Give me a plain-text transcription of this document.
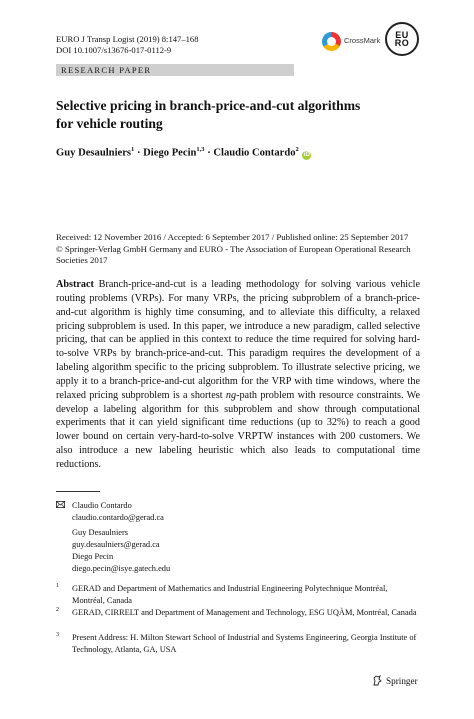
EURO J Transp Logist (2019) 8:147–168
DOI 10.1007/s13676-017-0112-9
CrossMark
EURO
RESEARCH PAPER
Selective pricing in branch-price-and-cut algorithms
for vehicle routing
Guy Desaulniers$^1$ · Diego Pecin$^{1,3}$ · Claudio Contardo$^2$ iD
Received: 12 November 2016 / Accepted: 6 September 2017 / Published online: 25 September 2017
© Springer-Verlag GmbH Germany and EURO - The Association of European Operational Research Societies 2017
Abstract Branch-price-and-cut is a leading methodology for solving various vehicle routing problems (VRPs). For many VRPs, the pricing subproblem of a branch-price-and-cut algorithm is highly time consuming, and to alleviate this difficulty, a relaxed pricing subproblem is used. In this paper, we introduce a new paradigm, called selective pricing, that can be applied in this context to reduce the time required for solving hard-to-solve VRPs by branch-price-and-cut. This paradigm requires the development of a labeling algorithm specific to the pricing subproblem. To illustrate selective pricing, we apply it to a branch-price-and-cut algorithm for the VRP with time windows, where the relaxed pricing subproblem is a shortest ng-path problem with resource constraints. We develop a labeling algorithm for this subproblem and show through computational experiments that it can yield significant time reductions (up to 32%) to reach a good lower bound on certain very-hard-to-solve VRPTW instances with 200 customers. We also introduce a new labeling heuristic which also leads to computational time reductions.
Claudio Contardo
claudio.contardo@gerad.ca
Guy Desaulniers
guy.desaulniers@gerad.ca
Diego Pecin
diego.pecin@isye.gatech.edu
1 GERAD and Department of Mathematics and Industrial Engineering Polytechnique Montréal, Montréal, Canada
2 GERAD, CIRRELT and Department of Management and Technology, ESG UQÀM, Montréal, Canada
3 Present Address: H. Milton Stewart School of Industrial and Systems Engineering, Georgia Institute of Technology, Atlanta, GA, USA
Springer
